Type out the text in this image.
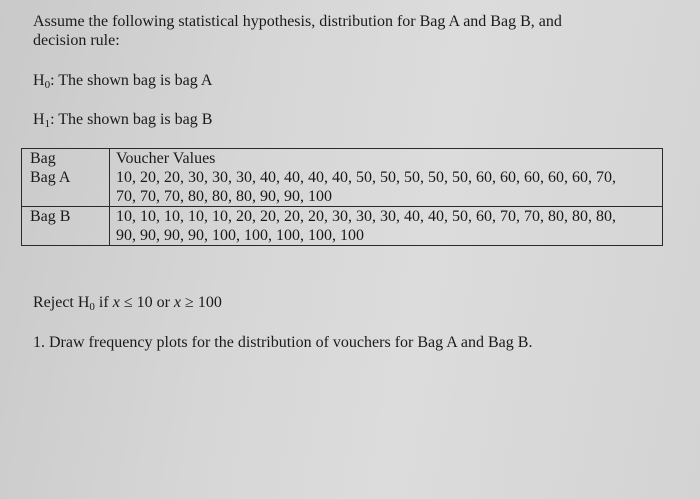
Assume the following statistical hypothesis, distribution for Bag A and Bag B, and
decision rule:
$H_0$: The shown bag is bag A
$H_1$: The shown bag is bag B
Bag	Voucher Values
Bag A	10, 20, 20, 30, 30, 30, 40, 40, 40, 40, 50, 50, 50, 50, 50, 60, 60, 60, 60, 60, 70,
70, 70, 70, 80, 80, 80, 90, 90, 100

Bag B	10, 10, 10, 10, 10, 20, 20, 20, 20, 30, 30, 30, 40, 40, 50, 60, 70, 70, 80, 80, 80,
90, 90, 90, 90, 100, 100, 100, 100, 100
Reject $H_0$ if x ≤ 10 or x ≥ 100
1. Draw frequency plots for the distribution of vouchers for Bag A and Bag B.
